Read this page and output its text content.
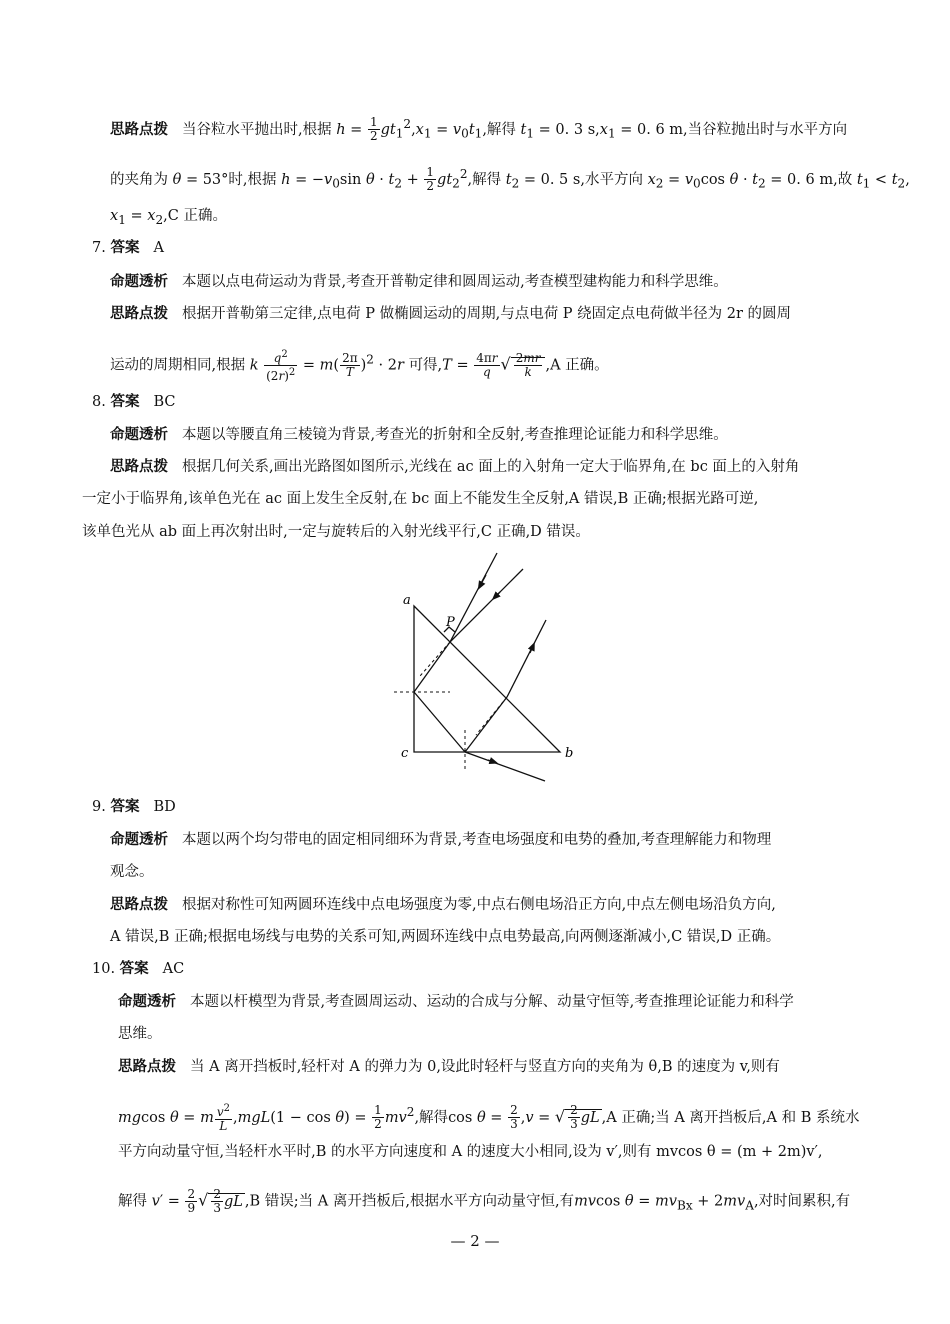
思路点拨 当谷粒水平抛出时,根据 $h = \frac{1}{2} gt_1^2,x_1 = v_0t_1$,解得 $t_1 = 0$. 3 $s,x_1 = 0$. 6 m,当谷粒抛出时与水平方向
的夹角为 θ = 53°时,根据 $h = -v_0\sin$ $\theta \cdot t_2 + \frac{1}{2} gt_2^2$,解得 $t_2 = 0$. 5 s,水平方向 $x_2 = v_0\cos$ $\theta \cdot t_2 = 0$. 6 m,故 $t_1 < t_2$,
$x_1 = x_2,C$ 正确。
7. 答案 A
命题透析 本题以点电荷运动为背景,考查开普勒定律和圆周运动,考查模型建构能力和科学思维。
思路点拨 根据开普勒第三定律,点电荷 P 做椭圆运动的周期,与点电荷 P 绕固定点电荷做半径为 2r 的圆周
运动的周期相同,根据 k $\frac{q^2}{(2r)^2} = m( \frac{2\pi}{T} )^2 \cdot 2r$ 可得$,T = \frac{4\pi r}{q}$ √ $\frac{2mr}{k} ,A$ 正确。
8. 答案 BC
命题透析 本题以等腰直角三棱镜为背景,考查光的折射和全反射,考查推理论证能力和科学思维。
思路点拨 根据几何关系,画出光路图如图所示,光线在 ac 面上的入射角一定大于临界角,在 bc 面上的入射角
一定小于临界角,该单色光在 ac 面上发生全反射,在 bc 面上不能发生全反射,A 错误,B 正确;根据光路可逆,
该单色光从 ab 面上再次射出时,一定与旋转后的入射光线平行,C 正确,D 错误。
a
c	b
P
9. 答案 BD
命题透析 本题以两个均匀带电的固定相同细环为背景,考查电场强度和电势的叠加,考查理解能力和物理
观念。
思路点拨 根据对称性可知两圆环连线中点电场强度为零,中点右侧电场沿正方向,中点左侧电场沿负方向,
A 错误,B 正确;根据电场线与电势的关系可知,两圆环连线中点电势最高,向两侧逐渐减小,C 错误,D 正确。
10. 答案 AC
命题透析 本题以杆模型为背景,考查圆周运动、运动的合成与分解、动量守恒等,考查推理论证能力和科学
思维。
思路点拨 当 A 离开挡板时,轻杆对 A 的弹力为 0,设此时轻杆与竖直方向的夹角为 θ,B 的速度为 v,则有
mgcos θ = m $\frac{v^2}{L} ,mgL(1 - \cos \theta) = \frac{1}{2} mv^2$,解得$\cos \theta = \frac{2}{3} ,v$ = √ $\frac{2}{3}$ gL ,A 正确;当 A 离开挡板后,A 和 B 系统水
平方向动量守恒,当轻杆水平时,B 的水平方向速度和 A 的速度大小相同,设为 v′,则有 mvcos θ = (m + 2m)v′,
解得 $v' = \frac{2}{9}$ √ $\frac{2}{3}$ gL ,B 错误;当 A 离开挡板后,根据水平方向动量守恒,有mvcos $\theta = mv_{Bx} + 2mv_A$,对时间累积,有
— 2 —
